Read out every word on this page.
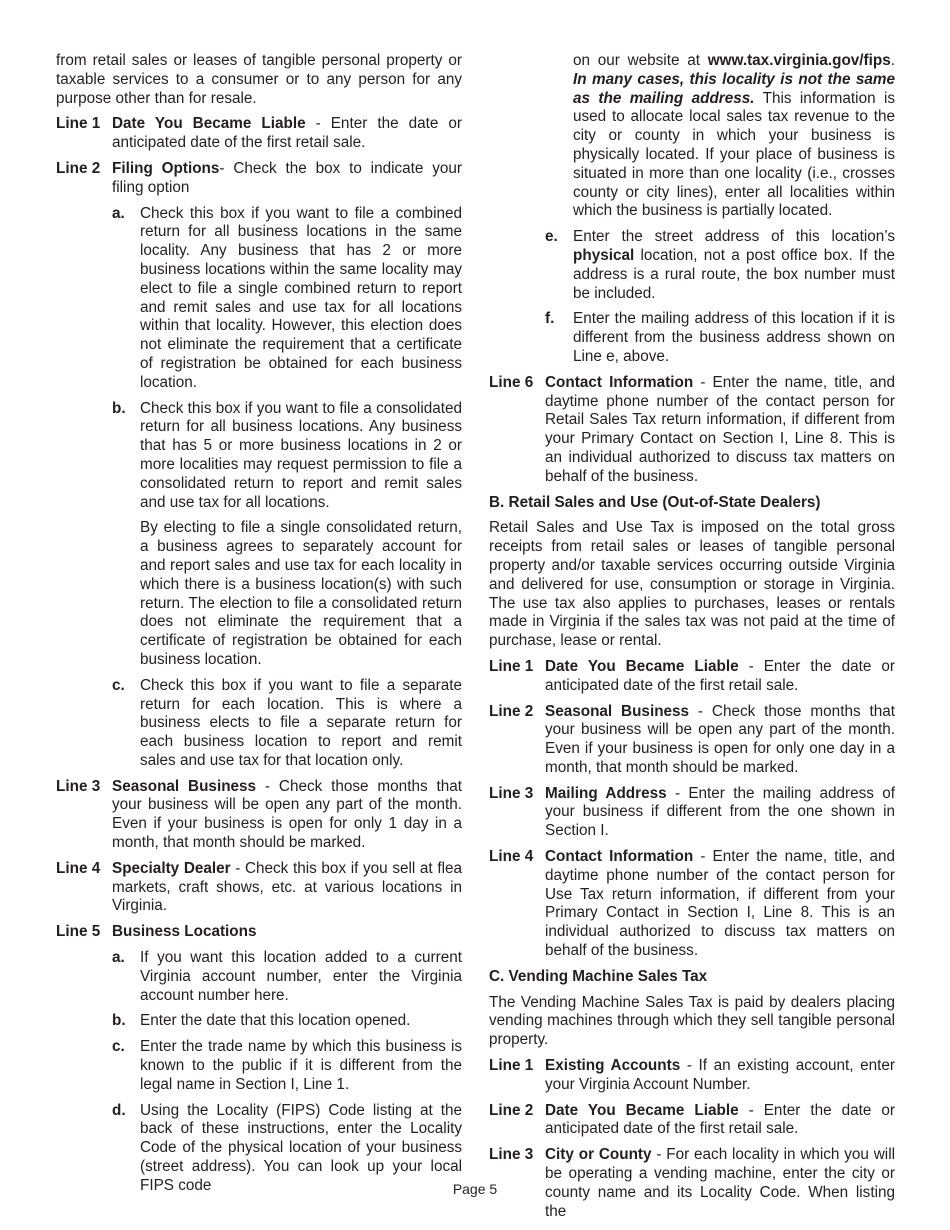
from retail sales or leases of tangible personal property or taxable services to a consumer or to any person for any purpose other than for resale.

Line 1 Date You Became Liable - Enter the date or anticipated date of the first retail sale.
Line 2 Filing Options- Check the box to indicate your filing option
a. Check this box if you want to file a combined return for all business locations in the same locality. Any business that has 2 or more business locations within the same locality may elect to file a single combined return to report and remit sales and use tax for all locations within that locality. However, this election does not eliminate the requirement that a certificate of registration be obtained for each business location.
b. Check this box if you want to file a consolidated return for all business locations. Any business that has 5 or more business locations in 2 or more localities may request permission to file a consolidated return to report and remit sales and use tax for all locations.

By electing to file a single consolidated return, a business agrees to separately account for and report sales and use tax for each locality in which there is a business location(s) with such return. The election to file a consolidated return does not eliminate the requirement that a certificate of registration be obtained for each business location.

c. Check this box if you want to file a separate return for each location. This is where a business elects to file a separate return for each business location to report and remit sales and use tax for that location only.
Line 3 Seasonal Business - Check those months that your business will be open any part of the month. Even if your business is open for only 1 day in a month, that month should be marked.
Line 4 Specialty Dealer - Check this box if you sell at flea markets, craft shows, etc. at various locations in Virginia.
Line 5 Business Locations
a. If you want this location added to a current Virginia account number, enter the Virginia account number here.
b. Enter the date that this location opened.
c. Enter the trade name by which this business is known to the public if it is different from the legal name in Section I, Line 1.
d. Using the Locality (FIPS) Code listing at the back of these instructions, enter the Locality Code of the physical location of your business (street address). You can look up your local FIPS code

on our website at www.tax.virginia.gov/fips. In many cases, this locality is not the same as the mailing address. This information is used to allocate local sales tax revenue to the city or county in which your business is physically located. If your place of business is situated in more than one locality (i.e., crosses county or city lines), enter all localities within which the business is partially located.

e. Enter the street address of this location’s physical location, not a post office box. If the address is a rural route, the box number must be included.
f.	Enter the mailing address of this location if it is different from the business address shown on Line e, above.
Line 6 Contact Information - Enter the name, title, and daytime phone number of the contact person for Retail Sales Tax return information, if different from your Primary Contact on Section I, Line 8. This is an individual authorized to discuss tax matters on behalf of the business.

B. Retail Sales and Use (Out-of-State Dealers)

Retail Sales and Use Tax is imposed on the total gross receipts from retail sales or leases of tangible personal property and/or taxable services occurring outside Virginia and delivered for use, consumption or storage in Virginia. The use tax also applies to purchases, leases or rentals made in Virginia if the sales tax was not paid at the time of purchase, lease or rental.

Line 1 Date You Became Liable - Enter the date or anticipated date of the first retail sale.
Line 2 Seasonal Business - Check those months that your business will be open any part of the month. Even if your business is open for only one day in a month, that month should be marked.
Line 3 Mailing Address - Enter the mailing address of your business if different from the one shown in Section I.
Line 4 Contact Information - Enter the name, title, and daytime phone number of the contact person for Use Tax return information, if different from your Primary Contact in Section I, Line 8. This is an individual authorized to discuss tax matters on behalf of the business.

C. Vending Machine Sales Tax

The Vending Machine Sales Tax is paid by dealers placing vending machines through which they sell tangible personal property.

Line 1 Existing Accounts - If an existing account, enter your Virginia Account Number.
Line 2 Date You Became Liable - Enter the date or anticipated date of the first retail sale.
Line 3 City or County - For each locality in which you will be operating a vending machine, enter the city or county name and its Locality Code. When listing the
Page 5
